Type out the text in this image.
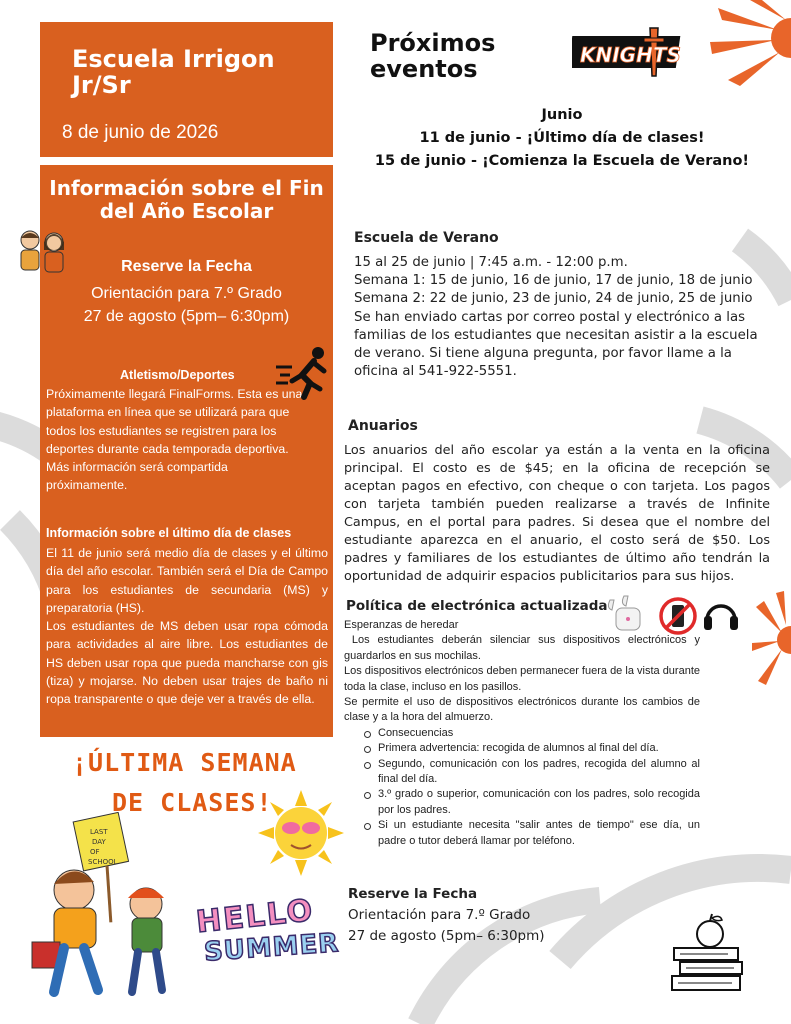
Escuela Irrigon Jr/Sr
8 de junio de 2026
Información sobre el Fin del Año Escolar
Reserve la Fecha
Orientación para 7.º Grado
27 de agosto (5pm– 6:30pm)
Atletismo/Deportes
Próximamente llegará FinalForms. Esta es una plataforma en línea que se utilizará para que todos los estudiantes se registren para los deportes durante cada temporada deportiva. Más información será compartida próximamente.
Información sobre el último día de clases
El 11 de junio será medio día de clases y el último día del año escolar. También será el Día de Campo para los estudiantes de secundaria (MS) y preparatoria (HS).
Los estudiantes de MS deben usar ropa cómoda para actividades al aire libre. Los estudiantes de HS deben usar ropa que pueda mancharse con gis (tiza) y mojarse. No deben usar trajes de baño ni ropa transparente o que deje ver a través de ella.
¡ÚLTIMA SEMANA
DE CLASES!
LAST
DAY
OF
SCHOOL
HELLO
SUMMER
Próximos eventos	KNIGHTS
Junio
11 de junio - ¡Último día de clases!
15 de junio - ¡Comienza la Escuela de Verano!
Escuela de Verano
15 al 25 de junio | 7:45 a.m. - 12:00 p.m.
Semana 1: 15 de junio, 16 de junio, 17 de junio, 18 de junio
Semana 2: 22 de junio, 23 de junio, 24 de junio, 25 de junio
Se han enviado cartas por correo postal y electrónico a las familias de los estudiantes que necesitan asistir a la escuela de verano. Si tiene alguna pregunta, por favor llame a la oficina al 541-922-5551.
Anuarios
Los anuarios del año escolar ya están a la venta en la oficina principal. El costo es de $45; en la oficina de recepción se aceptan pagos en efectivo, con cheque o con tarjeta. Los pagos con tarjeta también pueden realizarse a través de Infinite Campus, en el portal para padres. Si desea que el nombre del estudiante aparezca en el anuario, el costo será de $50. Los padres y familiares de los estudiantes de último año tendrán la oportunidad de adquirir espacios publicitarios para sus hijos.
Política de electrónica actualizada
Esperanzas de heredar
Los estudiantes deberán silenciar sus dispositivos electrónicos y guardarlos en sus mochilas.
Los dispositivos electrónicos deben permanecer fuera de la vista durante toda la clase, incluso en los pasillos.
Se permite el uso de dispositivos electrónicos durante los cambios de clase y a la hora del almuerzo.
Consecuencias
Primera advertencia: recogida de alumnos al final del día.
Segundo, comunicación con los padres, recogida del alumno al final del día.
3.º grado o superior, comunicación con los padres, solo recogida por los padres.
Si un estudiante necesita "salir antes de tiempo" ese día, un padre o tutor deberá llamar por teléfono.
Reserve la Fecha
Orientación para 7.º Grado
27 de agosto (5pm– 6:30pm)
